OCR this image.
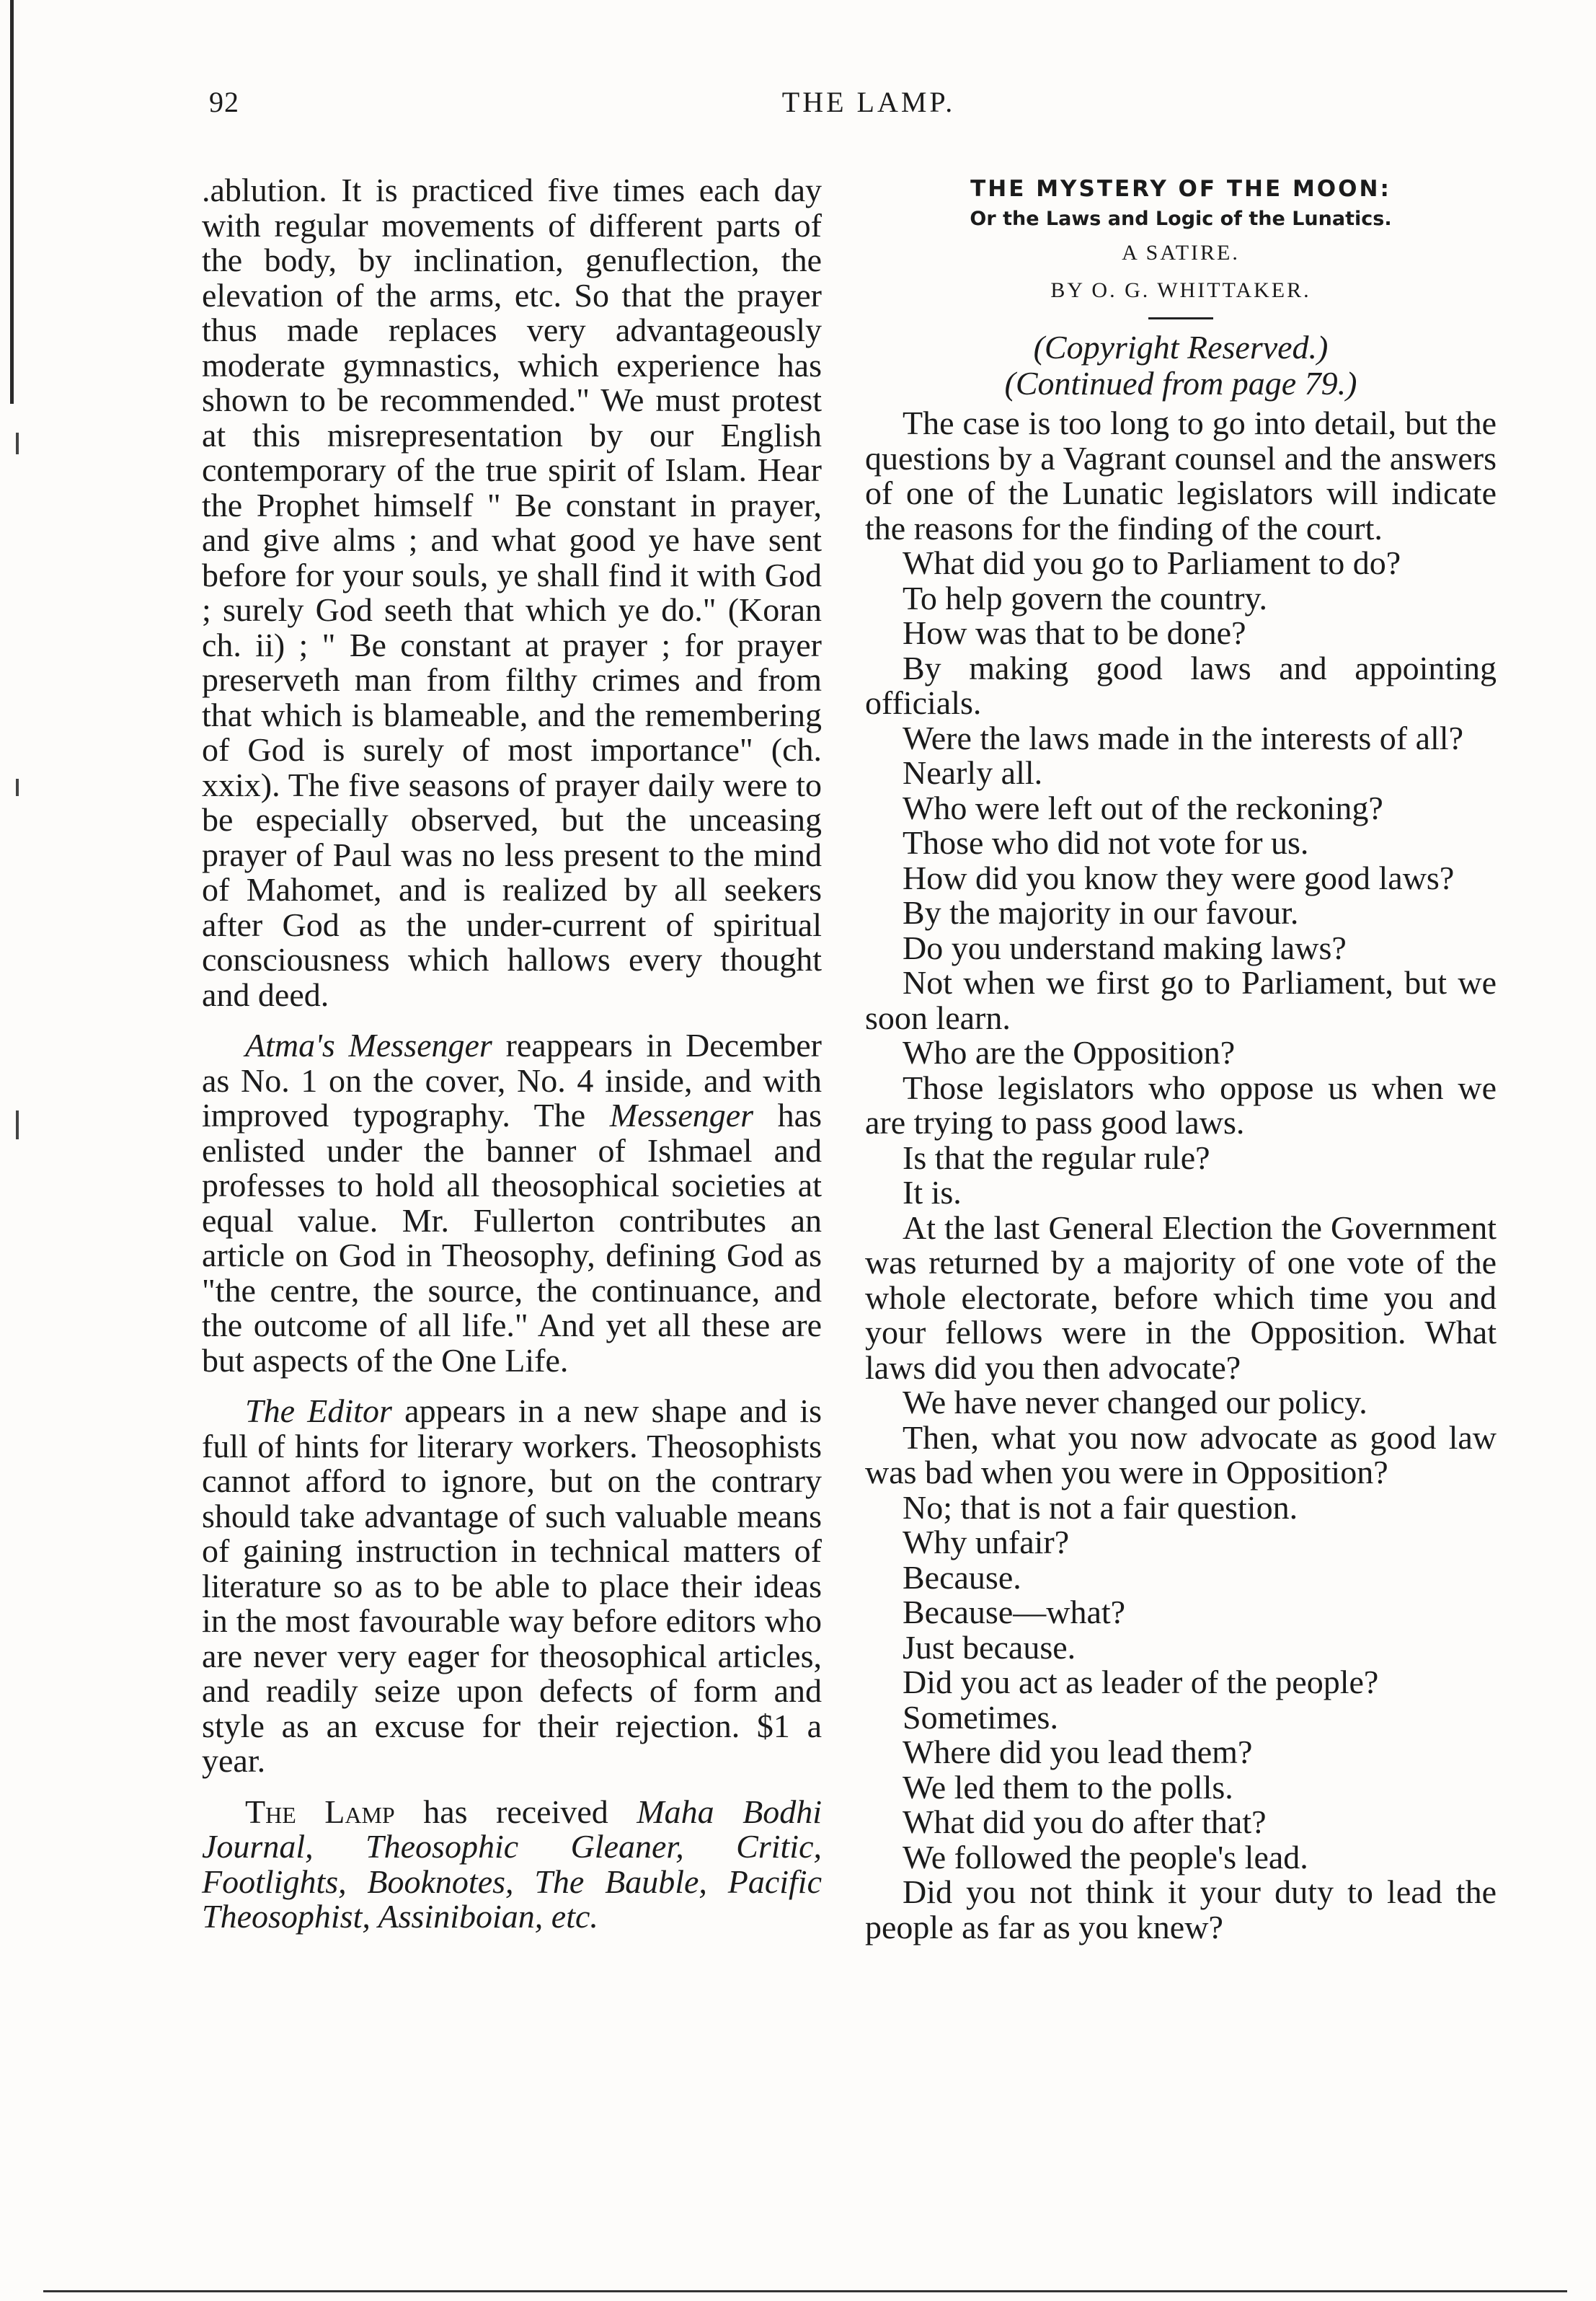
92	THE LAMP.

.ablution. It is practiced five times each day with regular movements of different parts of the body, by inclination, genuflection, the elevation of the arms, etc. So that the prayer thus made replaces very advantageously moderate gymnastics, which experience has shown to be recommended." We must protest at this misrepresentation by our English contemporary of the true spirit of Islam. Hear the Prophet himself " Be constant in prayer, and give alms ; and what good ye have sent before for your souls, ye shall find it with God ; surely God seeth that which ye do." (Koran ch. ii) ; " Be constant at prayer ; for prayer preserveth man from filthy crimes and from that which is blameable, and the remembering of God is surely of most importance" (ch. xxix). The five seasons of prayer daily were to be especially observed, but the unceasing prayer of Paul was no less present to the mind of Mahomet, and is realized by all seekers after God as the under-current of spiritual consciousness which hallows every thought and deed.

Atma's Messenger reappears in December as No. 1 on the cover, No. 4 inside, and with improved typography. The Messenger has enlisted under the banner of Ishmael and professes to hold all theosophical societies at equal value. Mr. Fullerton contributes an article on God in Theosophy, defining God as "the centre, the source, the continuance, and the outcome of all life." And yet all these are but aspects of the One Life.

The Editor appears in a new shape and is full of hints for literary workers. Theosophists cannot afford to ignore, but on the contrary should take advantage of such valuable means of gaining instruction in technical matters of literature so as to be able to place their ideas in the most favourable way before editors who are never very eager for theosophical articles, and readily seize upon defects of form and style as an excuse for their rejection. $1 a year.

The Lamp has received Maha Bodhi Journal, Theosophic Gleaner, Critic, Footlights, Booknotes, The Bauble, Pacific Theosophist, Assiniboian, etc.

THE MYSTERY OF THE MOON:
Or the Laws and Logic of the Lunatics.
A SATIRE.
BY O. G. WHITTAKER.
(Copyright Reserved.)
(Continued from page 79.)

The case is too long to go into detail, but the questions by a Vagrant counsel and the answers of one of the Lunatic legislators will indicate the reasons for the finding of the court.

What did you go to Parliament to do?

To help govern the country.

How was that to be done?

By making good laws and appointing officials.

Were the laws made in the interests of all?

Nearly all.

Who were left out of the reckoning?

Those who did not vote for us.

How did you know they were good laws?

By the majority in our favour.

Do you understand making laws?

Not when we first go to Parliament, but we soon learn.

Who are the Opposition?

Those legislators who oppose us when we are trying to pass good laws.

Is that the regular rule?

It is.

At the last General Election the Government was returned by a majority of one vote of the whole electorate, before which time you and your fellows were in the Opposition. What laws did you then advocate?

We have never changed our policy.

Then, what you now advocate as good law was bad when you were in Opposition?

No; that is not a fair question.

Why unfair?

Because.

Because—what?

Just because.

Did you act as leader of the people?

Sometimes.

Where did you lead them?

We led them to the polls.

What did you do after that?

We followed the people's lead.

Did you not think it your duty to lead the people as far as you knew?
